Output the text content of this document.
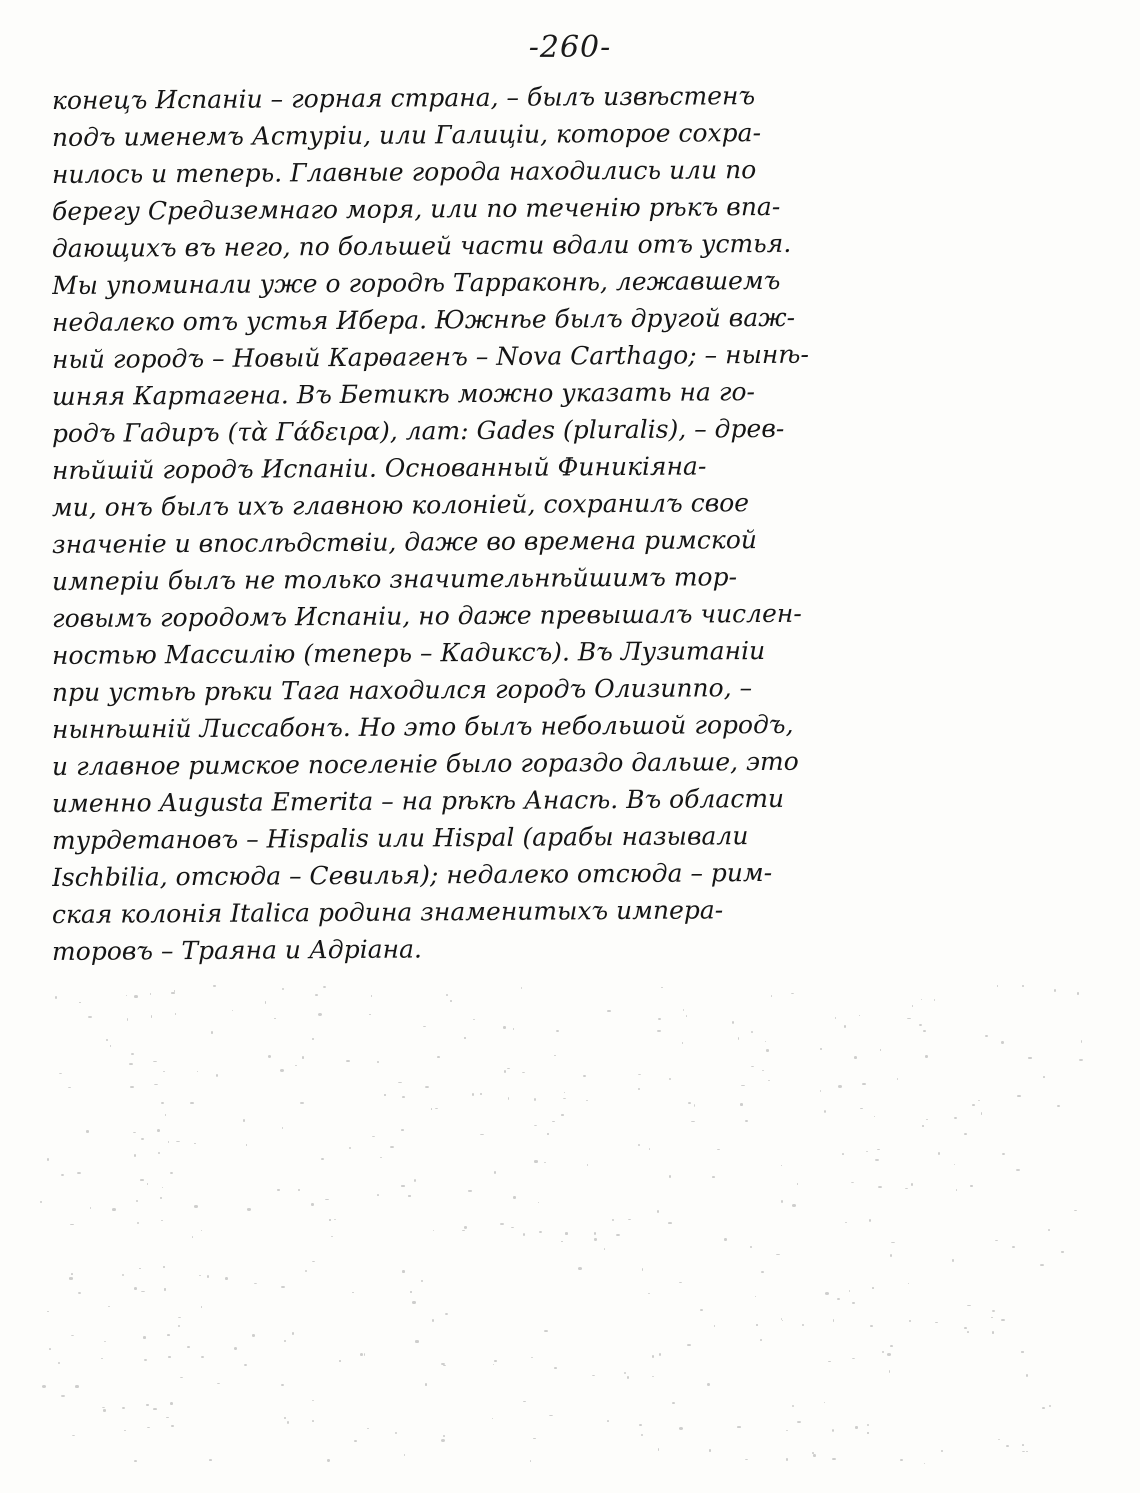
-260-
конецъ Испаніи – горная страна, – былъ извѣстенъ
подъ именемъ Астуріи, или Галиціи, которое сохра-
нилось и теперь. Главные города находились или по
берегу Средиземнаго моря, или по теченію рѣкъ впа-
дающихъ въ него, по большей части вдали отъ устья.
Мы упоминали уже о городѣ Тарраконѣ, лежавшемъ
недалеко отъ устья Ибера. Южнѣе былъ другой важ-
ный городъ – Новый Карѳагенъ – Nova Carthago; – нынѣ-
шняя Картагена. Въ Бетикѣ можно указать на го-
родъ Гадиръ (τὰ Γάδειρα), лат: Gades (pluralis), – древ-
нѣйшій городъ Испаніи. Основанный Финикіяна-
ми, онъ былъ ихъ главною колоніей, сохранилъ свое
значеніе и впослѣдствіи, даже во времена римской
имперіи былъ не только значительнѣйшимъ тор-
говымъ городомъ Испаніи, но даже превышалъ числен-
ностью Массилію (теперь – Кадиксъ). Въ Лузитаніи
при устьѣ рѣки Тага находился городъ Олизиппо, –
нынѣшній Лиссабонъ. Но это былъ небольшой городъ,
и главное римское поселеніе было гораздо дальше, это
именно Augusta Emerita – на рѣкѣ Анасѣ. Въ области
турдетановъ – Hispalis или Hispal (арабы называли
Ischbilia, отсюда – Севилья); недалеко отсюда – рим-
ская колонія Italica родина знаменитыхъ импера-
торовъ – Траяна и Адріана.
